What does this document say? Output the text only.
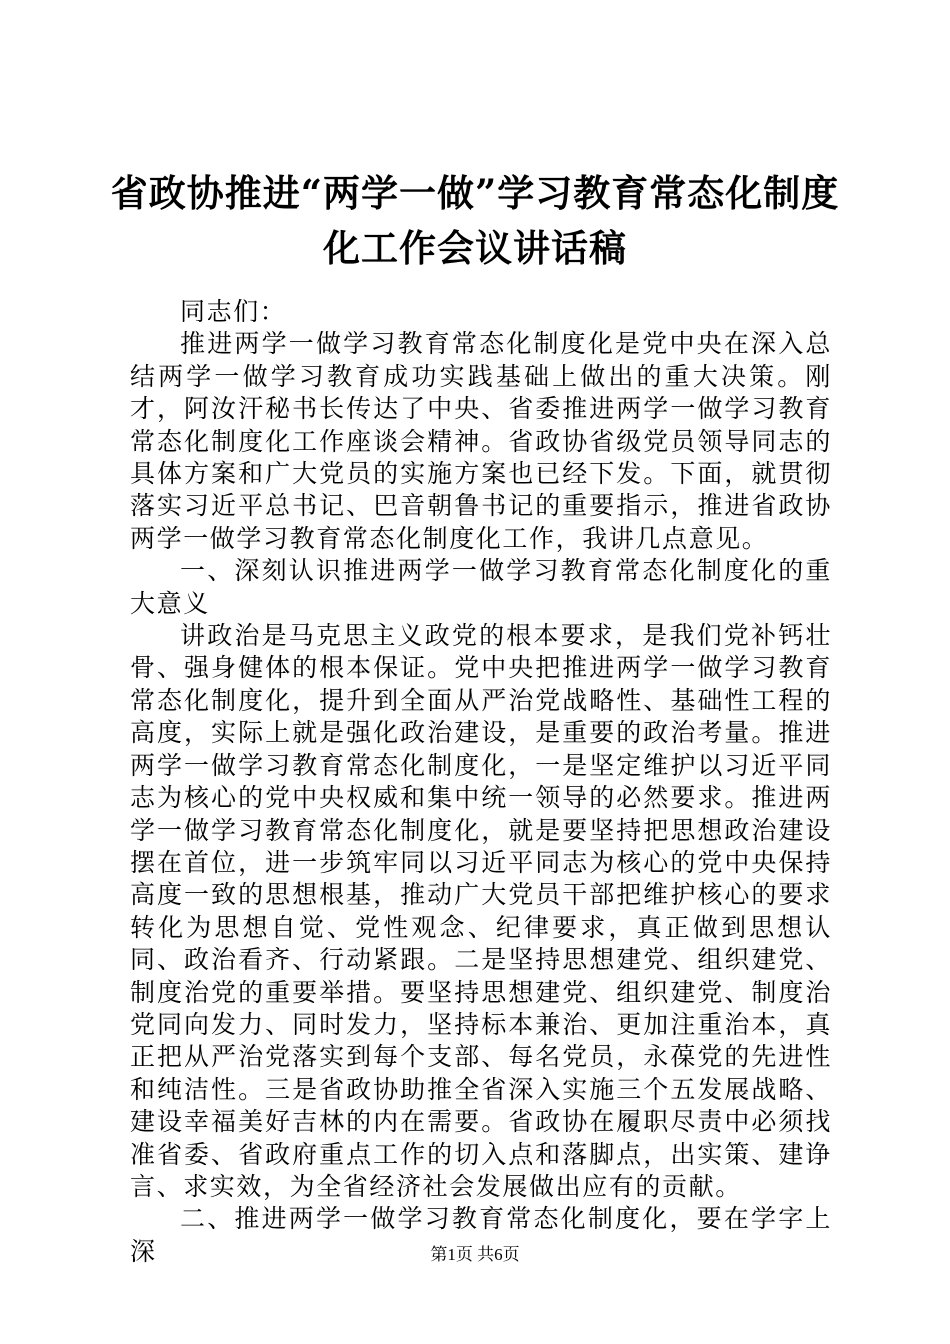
省政协推进“两学一做”学习教育常态化制度
化工作会议讲话稿

同志们：

推进两学一做学习教育常态化制度化是党中央在深入总结两学一做学习教育成功实践基础上做出的重大决策。刚才，阿汝汗秘书长传达了中央、省委推进两学一做学习教育常态化制度化工作座谈会精神。省政协省级党员领导同志的具体方案和广大党员的实施方案也已经下发。下面，就贯彻落实习近平总书记、巴音朝鲁书记的重要指示，推进省政协两学一做学习教育常态化制度化工作，我讲几点意见。

一、深刻认识推进两学一做学习教育常态化制度化的重大意义

讲政治是马克思主义政党的根本要求，是我们党补钙壮骨、强身健体的根本保证。党中央把推进两学一做学习教育常态化制度化，提升到全面从严治党战略性、基础性工程的高度，实际上就是强化政治建设，是重要的政治考量。推进两学一做学习教育常态化制度化，一是坚定维护以习近平同志为核心的党中央权威和集中统一领导的必然要求。推进两学一做学习教育常态化制度化，就是要坚持把思想政治建设摆在首位，进一步筑牢同以习近平同志为核心的党中央保持高度一致的思想根基，推动广大党员干部把维护核心的要求转化为思想自觉、党性观念、纪律要求，真正做到思想认同、政治看齐、行动紧跟。二是坚持思想建党、组织建党、制度治党的重要举措。要坚持思想建党、组织建党、制度治党同向发力、同时发力，坚持标本兼治、更加注重治本，真正把从严治党落实到每个支部、每名党员，永葆党的先进性和纯洁性。三是省政协助推全省深入实施三个五发展战略、建设幸福美好吉林的内在需要。省政协在履职尽责中必须找准省委、省政府重点工作的切入点和落脚点，出实策、建诤言、求实效，为全省经济社会发展做出应有的贡献。

二、推进两学一做学习教育常态化制度化，要在学字上深	第1页 共6页
